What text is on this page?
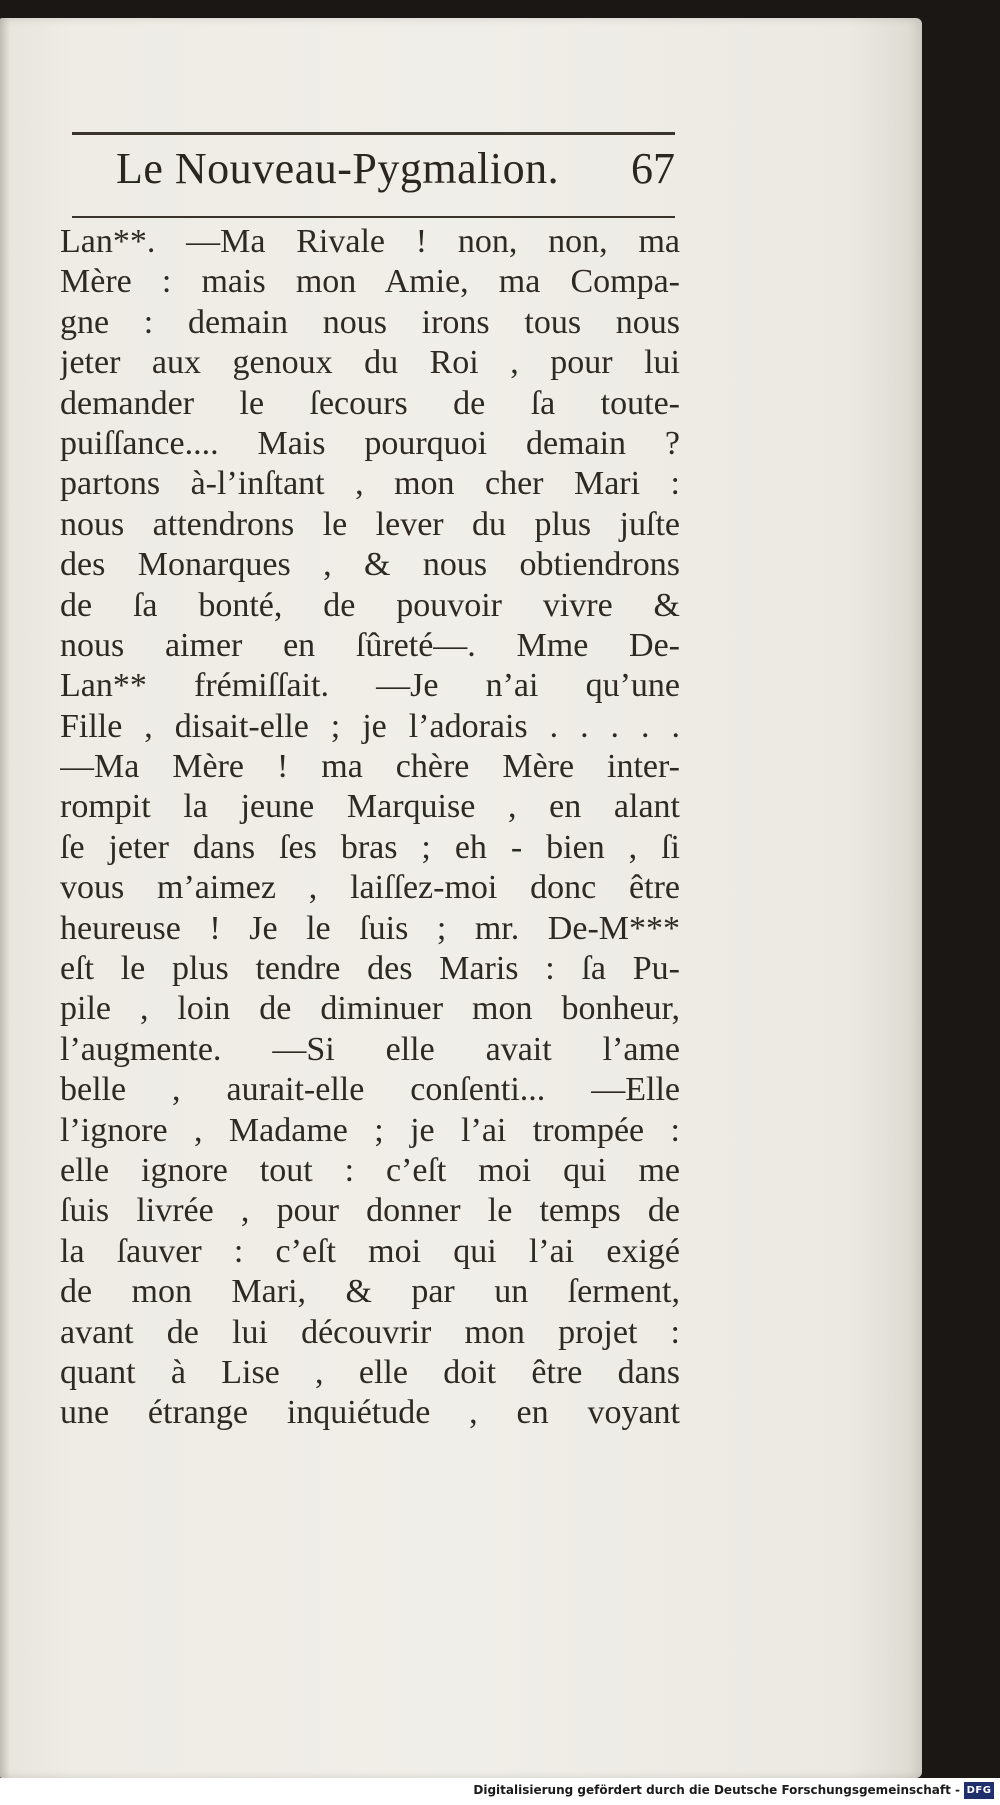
Le Nouveau-Pygmalion. 67
Lan**. —Ma Rivale ! non, non, ma
Mère : mais mon Amie, ma Compa-
gne : demain nous irons tous nous
jeter aux genoux du Roi , pour lui
demander le ſecours de ſa toute-
puiſſance.... Mais pourquoi demain ?
partons à-l’inſtant , mon cher Mari :
nous attendrons le lever du plus juſte
des Monarques , & nous obtiendrons
de ſa bonté, de pouvoir vivre &
nous aimer en ſûreté—. Mme De-
Lan** frémiſſait. —Je n’ai qu’une
Fille , disait-elle ; je l’adorais . . . . .
—Ma Mère ! ma chère Mère inter-
rompit la jeune Marquise , en alant
ſe jeter dans ſes bras ; eh - bien , ſi
vous m’aimez , laiſſez-moi donc être
heureuse ! Je le ſuis ; mr. De-M***
eſt le plus tendre des Maris : ſa Pu-
pile , loin de diminuer mon bonheur,
l’augmente. —Si elle avait l’ame
belle , aurait-elle conſenti... —Elle
l’ignore , Madame ; je l’ai trompée :
elle ignore tout : c’eſt moi qui me
ſuis livrée , pour donner le temps de
la ſauver : c’eſt moi qui l’ai exigé
de mon Mari, & par un ſerment,
avant de lui découvrir mon projet :
quant à Lise , elle doit être dans
une étrange inquiétude , en voyant
Digitalisierung gefördert durch die Deutsche Forschungsgemeinschaft - DFG
